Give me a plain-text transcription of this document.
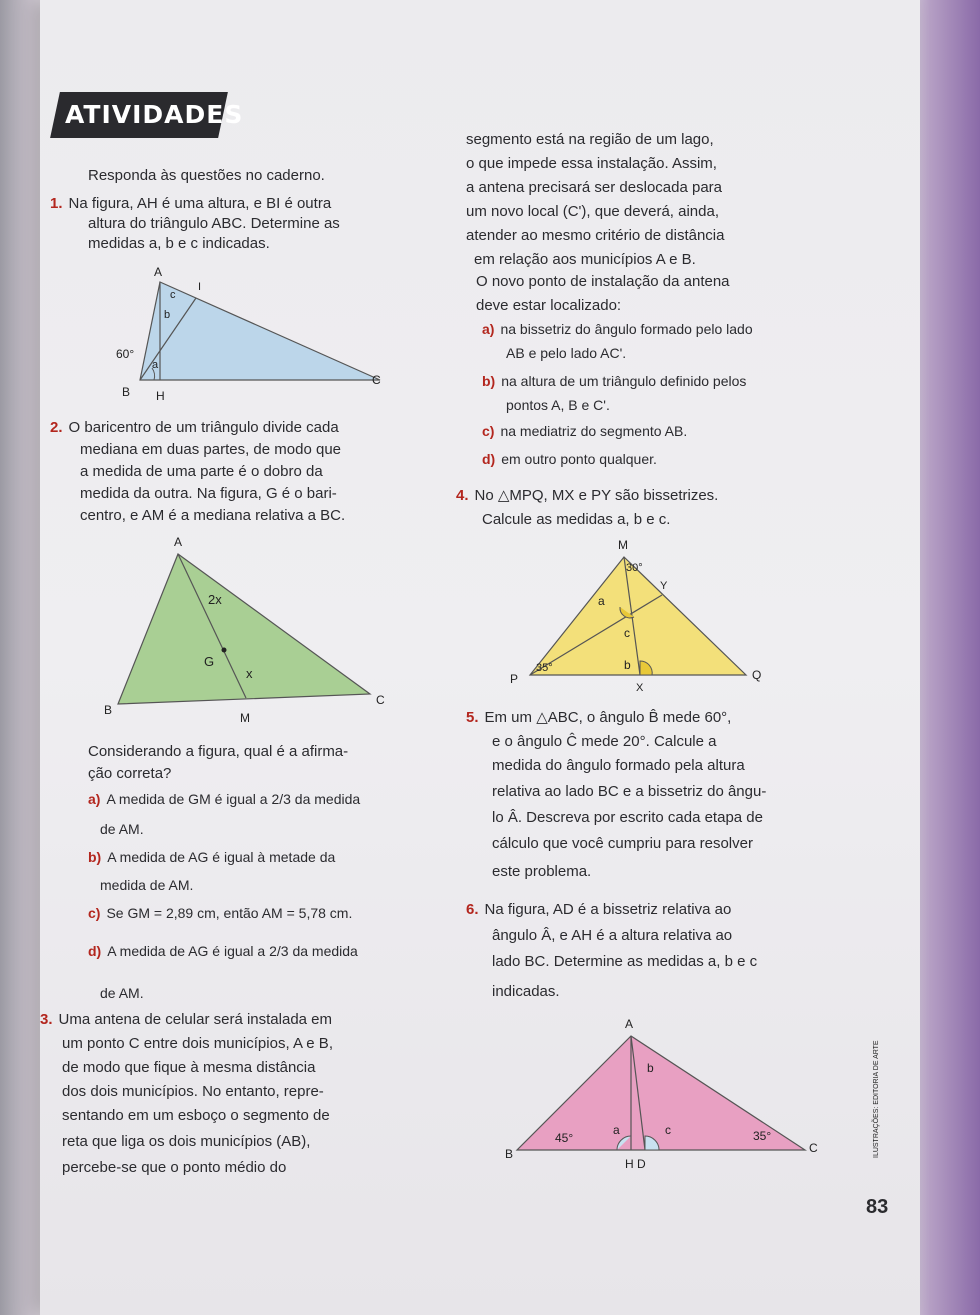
ATIVIDADES
Responda às questões no caderno.
1. Na figura, AH é uma altura, e BI é outra
altura do triângulo ABC. Determine as
medidas a, b e c indicadas.
A
I
c
b
60°
a
B H
C
2. O baricentro de um triângulo divide cada
mediana em duas partes, de modo que
a medida de uma parte é o dobro da
medida da outra. Na figura, G é o bari-
centro, e AM é a mediana relativa a BC.
A
2x
G
x
B
M
C
Considerando a figura, qual é a afirma-
ção correta?
a) A medida de GM é igual a 2/3 da medida
de AM.
b) A medida de AG é igual à metade da
medida de AM.
c) Se GM = 2,89 cm, então AM = 5,78 cm.
d) A medida de AG é igual a 2/3 da medida
de AM.
3. Uma antena de celular será instalada em
um ponto C entre dois municípios, A e B,
de modo que fique à mesma distância
dos dois municípios. No entanto, repre-
sentando em um esboço o segmento de
reta que liga os dois municípios (AB),
percebe-se que o ponto médio do
segmento está na região de um lago,
o que impede essa instalação. Assim,
a antena precisará ser deslocada para
um novo local (C'), que deverá, ainda,
atender ao mesmo critério de distância
em relação aos municípios A e B.
O novo ponto de instalação da antena
deve estar localizado:
a) na bissetriz do ângulo formado pelo lado
AB e pelo lado AC'.
b) na altura de um triângulo definido pelos
pontos A, B e C'.
c) na mediatriz do segmento AB.
d) em outro ponto qualquer.
4. No △MPQ, MX e PY são bissetrizes.
Calcule as medidas a, b e c.
M
30°
Y
a
c
b
35°
P
X
Q
5. Em um △ABC, o ângulo B̂ mede 60°,
e o ângulo Ĉ mede 20°. Calcule a
medida do ângulo formado pela altura
relativa ao lado BC e a bissetriz do ângu-
lo Â. Descreva por escrito cada etapa de
cálculo que você cumpriu para resolver
este problema.
6. Na figura, AD é a bissetriz relativa ao
ângulo Â, e AH é a altura relativa ao
lado BC. Determine as medidas a, b e c
indicadas.
A
b
45°
a	c	35°
B
H D
C	ILUSTRAÇÕES: EDITORIA DE ARTE
83
